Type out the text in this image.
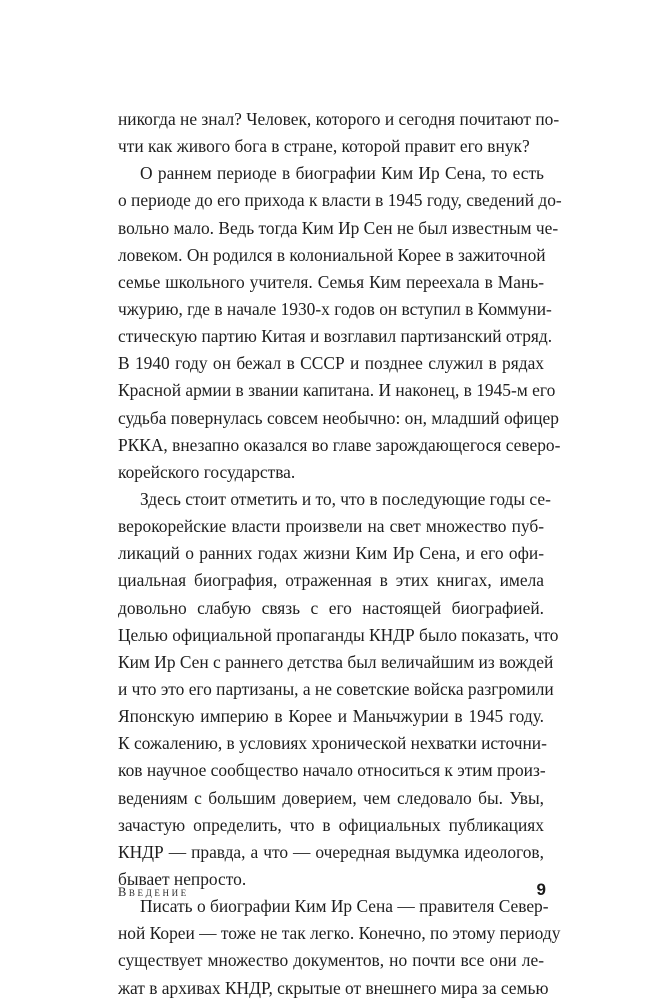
никогда не знал? Человек, которого и сегодня почитают по-
чти как живого бога в стране, которой правит его внук?
О раннем периоде в биографии Ким Ир Сена, то есть
о периоде до его прихода к власти в 1945 году, сведений до-
вольно мало. Ведь тогда Ким Ир Сен не был известным че-
ловеком. Он родился в колониальной Корее в зажиточной
семье школьного учителя. Семья Ким переехала в Мань-
чжурию, где в начале 1930-х годов он вступил в Коммуни-
стическую партию Китая и возглавил партизанский отряд.
В 1940 году он бежал в СССР и позднее служил в рядах
Красной армии в звании капитана. И наконец, в 1945-м его
судьба повернулась совсем необычно: он, младший офицер
РККА, внезапно оказался во главе зарождающегося северо-
корейского государства.
Здесь стоит отметить и то, что в последующие годы се-
верокорейские власти произвели на свет множество пуб-
ликаций о ранних годах жизни Ким Ир Сена, и его офи-
циальная биография, отраженная в этих книгах, имела
довольно слабую связь с его настоящей биографией.
Целью официальной пропаганды КНДР было показать, что
Ким Ир Сен с раннего детства был величайшим из вождей
и что это его партизаны, а не советские войска разгромили
Японскую империю в Корее и Маньчжурии в 1945 году.
К сожалению, в условиях хронической нехватки источни-
ков научное сообщество начало относиться к этим произ-
ведениям с большим доверием, чем следовало бы. Увы,
зачастую определить, что в официальных публикациях
КНДР — правда, а что — очередная выдумка идеологов,
бывает непросто.
Писать о биографии Ким Ир Сена — правителя Север-
ной Кореи — тоже не так легко. Конечно, по этому периоду
существует множество документов, но почти все они ле-
жат в архивах КНДР, скрытые от внешнего мира за семью
Введение	9
